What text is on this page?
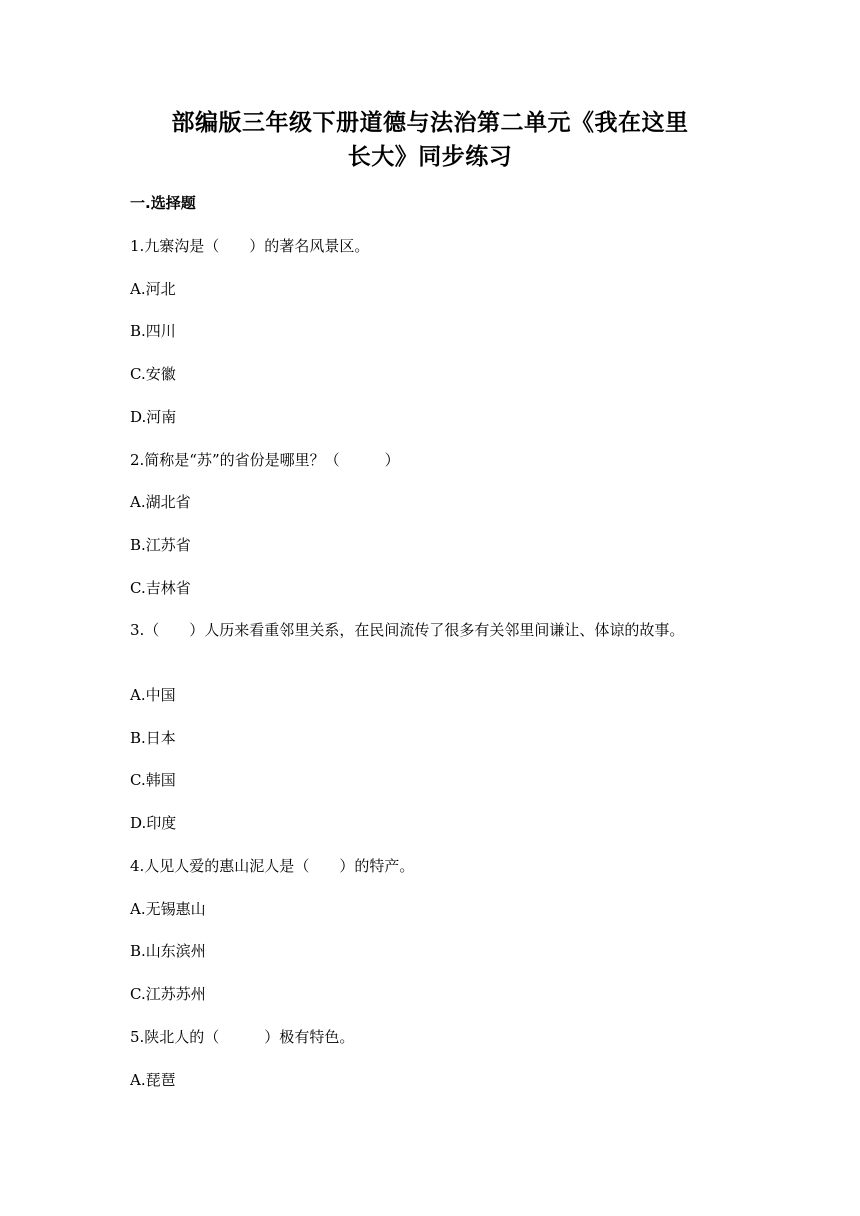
部编版三年级下册道德与法治第二单元《我在这里
长大》同步练习
一.选择题
1.九寨沟是（　　）的著名风景区。
A.河北
B.四川
C.安徽
D.河南
2.简称是“苏”的省份是哪里？（　　　）
A.湖北省
B.江苏省
C.吉林省
3.（　　）人历来看重邻里关系，在民间流传了很多有关邻里间谦让、体谅的故事。
A.中国
B.日本
C.韩国
D.印度
4.人见人爱的惠山泥人是（　　）的特产。
A.无锡惠山
B.山东滨州
C.江苏苏州
5.陕北人的（　　　）极有特色。
A.琵琶
